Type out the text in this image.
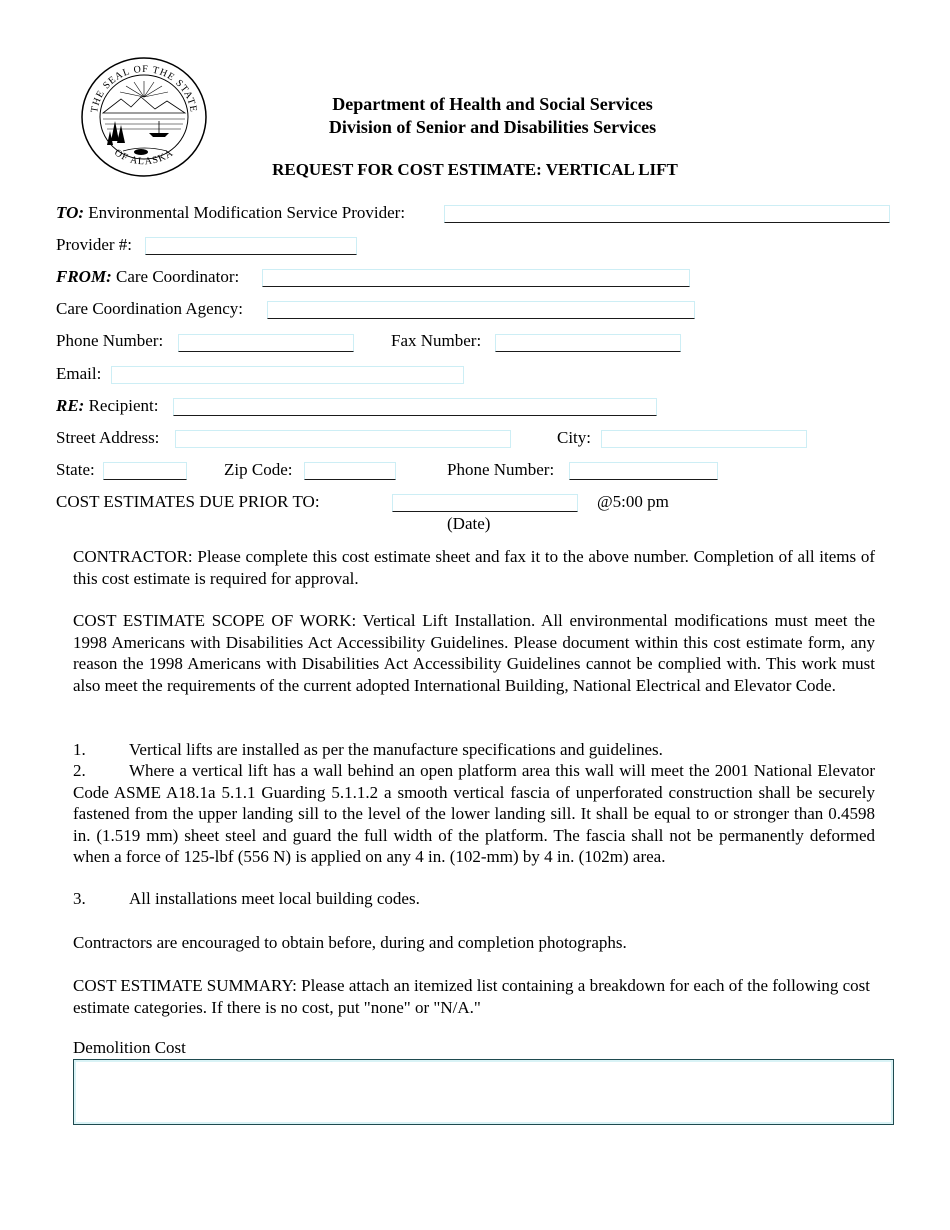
THE SEAL OF THE STATE
OF ALASKA
Department of Health and Social Services
Division of Senior and Disabilities Services
REQUEST FOR COST ESTIMATE: VERTICAL LIFT
TO: Environmental Modification Service Provider:
Provider #:
FROM: Care Coordinator:
Care Coordination Agency:
Phone Number:	Fax Number:
Email:
RE: Recipient:
Street Address:	City:
State:	Zip Code:	Phone Number:
COST ESTIMATES DUE PRIOR TO:	@5:00 pm
(Date)
CONTRACTOR: Please complete this cost estimate sheet and fax it to the above number. Completion of all items of this cost estimate is required for approval.
COST ESTIMATE SCOPE OF WORK: Vertical Lift Installation. All environmental modifications must meet the 1998 Americans with Disabilities Act Accessibility Guidelines. Please document within this cost estimate form, any reason the 1998 Americans with Disabilities Act Accessibility Guidelines cannot be complied with. This work must also meet the requirements of the current adopted International Building, National Electrical and Elevator Code.
1.	Vertical lifts are installed as per the manufacture specifications and guidelines.
2.	Where a vertical lift has a wall behind an open platform area this wall will meet the 2001 National Elevator Code ASME A18.1a 5.1.1 Guarding 5.1.1.2 a smooth vertical fascia of unperforated construction shall be securely fastened from the upper landing sill to the level of the lower landing sill. It shall be equal to or stronger than 0.4598 in. (1.519 mm) sheet steel and guard the full width of the platform. The fascia shall not be permanently deformed when a force of 125-lbf (556 N) is applied on any 4 in. (102-mm) by 4 in. (102m) area.
3.	All installations meet local building codes.
Contractors are encouraged to obtain before, during and completion photographs.
COST ESTIMATE SUMMARY: Please attach an itemized list containing a breakdown for each of the following cost estimate categories. If there is no cost, put "none" or "N/A."
Demolition Cost
